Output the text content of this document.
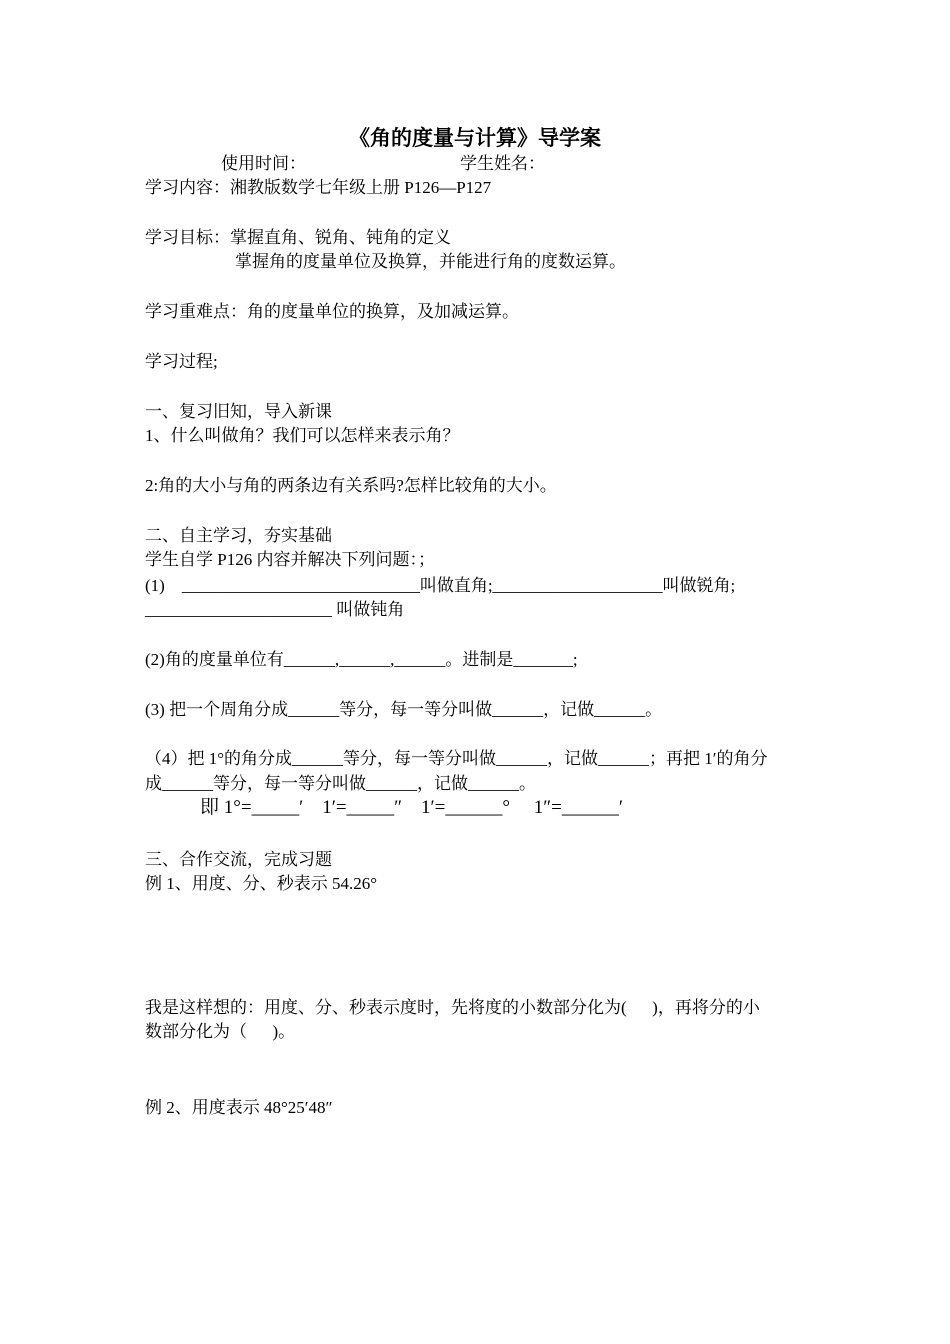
《角的度量与计算》导学案
使用时间：	学生姓名：
学习内容：湘教版数学七年级上册 P126—P127
学习目标：掌握直角、锐角、钝角的定义
掌握角的度量单位及换算，并能进行角的度数运算。
学习重难点：角的度量单位的换算，及加减运算。
学习过程;
一、复习旧知，导入新课
1、什么叫做角？我们可以怎样来表示角？
2:角的大小与角的两条边有关系吗?怎样比较角的大小。
二、自主学习，夯实基础
学生自学 P126 内容并解决下列问题：；
(1)    ____________________________叫做直角;____________________叫做锐角;
______________________ 叫做钝角
(2)角的度量单位有______,______,______。进制是_______;
(3) 把一个周角分成______等分，每一等分叫做______，记做______。
（4）把 1°的角分成______等分，每一等分叫做______，记做______；再把 1′的角分
成______等分，每一等分叫做______，记做______。
即 1°=_____′    1′=_____″    1′=______°     1″=______′
三、合作交流，完成习题
例 1、用度、分、秒表示 54.26°
我是这样想的：用度、分、秒表示度时，先将度的小数部分化为(      )，再将分的小
数部分化为（      )。
例 2、用度表示 48°25′48″
